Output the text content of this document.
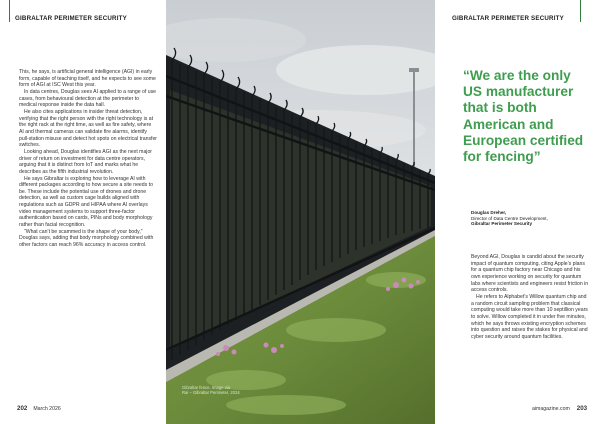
GIBRALTAR PERIMETER SECURITY

This, he says, is artificial general intelligence (AGI) in early form, capable of teaching itself, and he expects to see some form of AGI at ISC West this year.

In data centres, Douglas sees AI applied to a range of use cases, from behavioural detection at the perimeter to medical response inside the data hall.

He also cites applications in insider threat detection, verifying that the right person with the right technology is at the right rack at the right time, as well as fire safety, where AI and thermal cameras can validate fire alarms, identify pull-station misuse and detect hot spots on electrical transfer switches.

Looking ahead, Douglas identifies AGI as the next major driver of return on investment for data centre operators, arguing that it is distinct from IoT and marks what he describes as the fifth industrial revolution.

He says Gibraltar is exploring how to leverage AI with different packages according to how secure a site needs to be. These include the potential use of drones and drone detection, as well as custom cage builds aligned with regulations such as GDPR and HIPAA where AI overlays video management systems to support three-factor authentication based on cards, PINs and body morphology rather than facial recognition.

“What can’t be scammed is the shape of your body,” Douglas says, adding that body morphology combined with other factors can reach 96% accuracy in access control.

202 March 2026
Gibraltar fence. Image via
Rai – Gibraltar Perimeter, 2024
GIBRALTAR PERIMETER SECURITY
“We are the only US manufacturer that is both American and European certified for fencing”
Douglas Dreher,
Director of Data Centre Development,
Gibraltar Perimeter Security

Beyond AGI, Douglas is candid about the security impact of quantum computing, citing Apple’s plans for a quantum chip factory near Chicago and his own experience working on security for quantum labs where scientists and engineers resist friction in access controls.

He refers to Alphabet’s Willow quantum chip and a random circuit sampling problem that classical computing would take more than 10 septillion years to solve. Willow completed it in under five minutes, which he says throws existing encryption schemes into question and raises the stakes for physical and cyber security around quantum facilities.

aimagazine.com 203
